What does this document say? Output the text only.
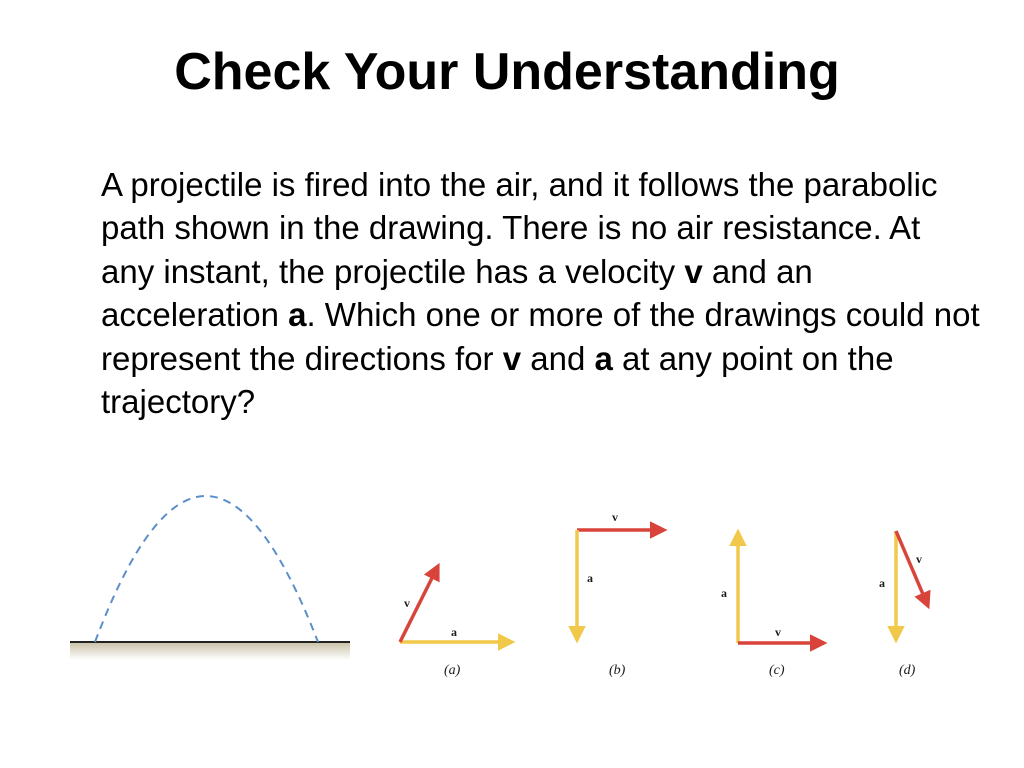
Check Your Understanding

A projectile is fired into the air, and it follows the parabolic path shown in the drawing. There is no air resistance. At any instant, the projectile has a velocity v and an acceleration a. Which one or more of the drawings could not represent the directions for v and a at any point on the trajectory?

v
a
(a)
v
a
(b)
a
v
(c)
a
v
(d)
